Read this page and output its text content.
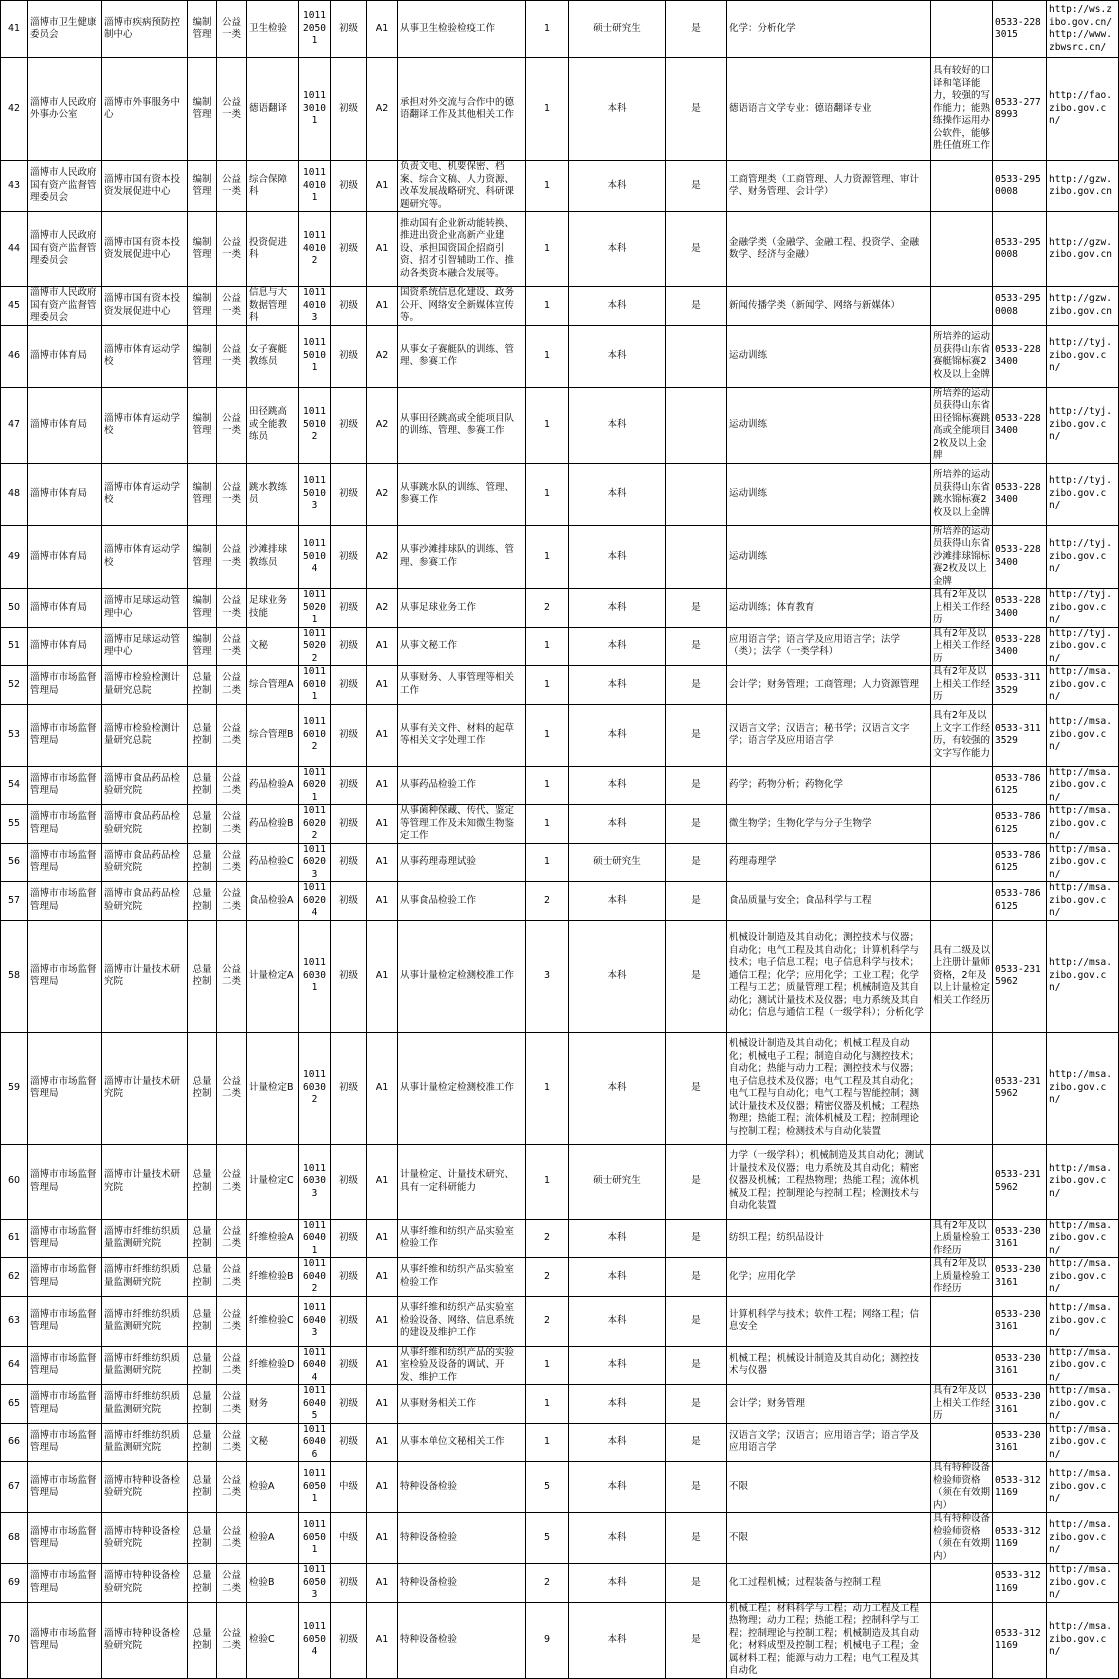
41	淄博市卫生健康委员会	淄博市疾病预防控制中心	编制管理	公益一类	卫生检验	101120501	初级	A1	从事卫生检验检疫工作	1	硕士研究生	是	化学：分析化学		0533-2283015	http://ws.zibo.gov.cn/
http://www.zbwsrc.cn/
42	淄博市人民政府外事办公室	淄博市外事服务中心	编制管理	公益一类	德语翻译	101130101	初级	A2	承担对外交流与合作中的德语翻译工作及其他相关工作	1	本科	是	德语语言文学专业：德语翻译专业	具有较好的口译和笔译能力，较强的写作能力；能熟练操作运用办公软件，能够胜任值班工作	0533-2778993	http://fao.zibo.gov.cn/
43	淄博市人民政府国有资产监督管理委员会	淄博市国有资本投资发展促进中心	编制管理	公益一类	综合保障科	101140101	初级	A1	负责文电、机要保密、档案、综合文稿、人力资源、改革发展战略研究、科研课题研究等。	1	本科	是	工商管理类（工商管理、人力资源管理、审计学、财务管理、会计学）		0533-2950008	http://gzw.zibo.gov.cn
44	淄博市人民政府国有资产监督管理委员会	淄博市国有资本投资发展促进中心	编制管理	公益一类	投资促进科	101140102	初级	A1	推动国有企业新动能转换、推进出资企业高新产业建设、承担国资国企招商引资、招才引智辅助工作、推动各类资本融合发展等。	1	本科	是	金融学类（金融学、金融工程、投资学、金融数学、经济与金融）		0533-2950008	http://gzw.zibo.gov.cn
45	淄博市人民政府国有资产监督管理委员会	淄博市国有资本投资发展促进中心	编制管理	公益一类	信息与大数据管理科	101140103	初级	A1	国资系统信息化建设、政务公开、网络安全新媒体宣传等。	1	本科	是	新闻传播学类（新闻学、网络与新媒体）		0533-2950008	http://gzw.zibo.gov.cn
46	淄博市体育局	淄博市体育运动学校	编制管理	公益一类	女子赛艇教练员	101150101	初级	A2	从事女子赛艇队的训练、管理、参赛工作	1	本科		运动训练	所培养的运动员获得山东省赛艇锦标赛2枚及以上金牌	0533-2283400	http://tyj.zibo.gov.cn/
47	淄博市体育局	淄博市体育运动学校	编制管理	公益一类	田径跳高或全能教练员	101150102	初级	A2	从事田径跳高或全能项目队的训练、管理、参赛工作	1	本科		运动训练	所培养的运动员获得山东省田径锦标赛跳高或全能项目2枚及以上金牌	0533-2283400	http://tyj.zibo.gov.cn/
48	淄博市体育局	淄博市体育运动学校	编制管理	公益一类	跳水教练员	101150103	初级	A2	从事跳水队的训练、管理、参赛工作	1	本科		运动训练	所培养的运动员获得山东省跳水锦标赛2枚及以上金牌	0533-2283400	http://tyj.zibo.gov.cn/
49	淄博市体育局	淄博市体育运动学校	编制管理	公益一类	沙滩排球教练员	101150104	初级	A2	从事沙滩排球队的训练、管理、参赛工作	1	本科		运动训练	所培养的运动员获得山东省沙滩排球锦标赛2枚及以上金牌	0533-2283400	http://tyj.zibo.gov.cn/
50	淄博市体育局	淄博市足球运动管理中心	编制管理	公益一类	足球业务技能	101150201	初级	A2	从事足球业务工作	2	本科	是	运动训练；体育教育	具有2年及以上相关工作经历	0533-2283400	http://tyj.zibo.gov.cn/
51	淄博市体育局	淄博市足球运动管理中心	编制管理	公益一类	文秘	101150202	初级	A1	从事文秘工作	1	本科	是	应用语言学；语言学及应用语言学；法学（类）；法学（一类学科）	具有2年及以上相关工作经历	0533-2283400	http://tyj.zibo.gov.cn/
52	淄博市市场监督管理局	淄博市检验检测计量研究总院	总量控制	公益二类	综合管理A	101160101	初级	A1	从事财务、人事管理等相关工作	1	本科	是	会计学；财务管理；工商管理；人力资源管理	具有2年及以上相关工作经历	0533-3113529	http://msa.zibo.gov.cn/
53	淄博市市场监督管理局	淄博市检验检测计量研究总院	总量控制	公益二类	综合管理B	101160102	初级	A1	从事有关文件、材料的起草等相关文字处理工作	1	本科	是	汉语言文学；汉语言；秘书学；汉语言文字学；语言学及应用语言学	具有2年及以上文字工作经历，有较强的文字写作能力	0533-3113529	http://msa.zibo.gov.cn/
54	淄博市市场监督管理局	淄博市食品药品检验研究院	总量控制	公益二类	药品检验A	101160201	初级	A1	从事药品检验工作	1	本科	是	药学；药物分析；药物化学		0533-7866125	http://msa.zibo.gov.cn/
55	淄博市市场监督管理局	淄博市食品药品检验研究院	总量控制	公益二类	药品检验B	101160202	初级	A1	从事菌种保藏、传代、鉴定等管理工作及未知微生物鉴定工作	1	本科	是	微生物学；生物化学与分子生物学		0533-7866125	http://msa.zibo.gov.cn/
56	淄博市市场监督管理局	淄博市食品药品检验研究院	总量控制	公益二类	药品检验C	101160203	初级	A1	从事药理毒理试验	1	硕士研究生	是	药理毒理学		0533-7866125	http://msa.zibo.gov.cn/
57	淄博市市场监督管理局	淄博市食品药品检验研究院	总量控制	公益二类	食品检验A	101160204	初级	A1	从事食品检验工作	2	本科	是	食品质量与安全；食品科学与工程		0533-7866125	http://msa.zibo.gov.cn/
58	淄博市市场监督管理局	淄博市计量技术研究院	总量控制	公益二类	计量检定A	101160301	初级	A1	从事计量检定检测校准工作	3	本科	是	机械设计制造及其自动化；测控技术与仪器；自动化；电气工程及其自动化；计算机科学与技术；电子信息工程；电子信息科学与技术；通信工程；化学；应用化学；工业工程；化学工程与工艺；质量管理工程；机械制造及其自动化；测试计量技术及仪器；电力系统及其自动化；信息与通信工程（一级学科）；分析化学	具有二级及以上注册计量师资格，2年及以上计量检定相关工作经历	0533-2315962	http://msa.zibo.gov.cn/
59	淄博市市场监督管理局	淄博市计量技术研究院	总量控制	公益二类	计量检定B	101160302	初级	A1	从事计量检定检测校准工作	1	本科	是	机械设计制造及其自动化；机械工程及自动化；机械电子工程；制造自动化与测控技术；自动化；热能与动力工程；测控技术与仪器；电子信息技术及仪器；电气工程及其自动化；电气工程与自动化；电气工程与智能控制；测试计量技术及仪器；精密仪器及机械；工程热物理；热能工程；流体机械及工程；控制理论与控制工程；检测技术与自动化装置		0533-2315962	http://msa.zibo.gov.cn/
60	淄博市市场监督管理局	淄博市计量技术研究院	总量控制	公益二类	计量检定C	101160303	初级	A1	计量检定、计量技术研究、具有一定科研能力	1	硕士研究生	是	力学（一级学科）；机械制造及其自动化；测试计量技术及仪器；电力系统及其自动化；精密仪器及机械；工程热物理；热能工程；流体机械及工程；控制理论与控制工程；检测技术与自动化装置		0533-2315962	http://msa.zibo.gov.cn/
61	淄博市市场监督管理局	淄博市纤维纺织质量监测研究院	总量控制	公益二类	纤维检验A	101160401	初级	A1	从事纤维和纺织产品实验室检验工作	2	本科	是	纺织工程；纺织品设计	具有2年及以上质量检验工作经历	0533-2303161	http://msa.zibo.gov.cn/
62	淄博市市场监督管理局	淄博市纤维纺织质量监测研究院	总量控制	公益二类	纤维检验B	101160402	初级	A1	从事纤维和纺织产品实验室检验工作	2	本科	是	化学；应用化学	具有2年及以上质量检验工作经历	0533-2303161	http://msa.zibo.gov.cn/
63	淄博市市场监督管理局	淄博市纤维纺织质量监测研究院	总量控制	公益二类	纤维检验C	101160403	初级	A1	从事纤维和纺织产品实验室检验设备、网络、信息系统的建设及维护工作	2	本科	是	计算机科学与技术；软件工程；网络工程；信息安全		0533-2303161	http://msa.zibo.gov.cn/
64	淄博市市场监督管理局	淄博市纤维纺织质量监测研究院	总量控制	公益二类	纤维检验D	101160404	初级	A1	从事纤维和纺织产品的实验室检验及设备的调试、开发、维护工作	1	本科	是	机械工程；机械设计制造及其自动化；测控技术与仪器		0533-2303161	http://msa.zibo.gov.cn/
65	淄博市市场监督管理局	淄博市纤维纺织质量监测研究院	总量控制	公益二类	财务	101160405	初级	A1	从事财务相关工作	1	本科	是	会计学；财务管理	具有2年及以上相关工作经历	0533-2303161	http://msa.zibo.gov.cn/
66	淄博市市场监督管理局	淄博市纤维纺织质量监测研究院	总量控制	公益二类	文秘	101160406	初级	A1	从事本单位文秘相关工作	1	本科	是	汉语言文学；汉语言；应用语言学；语言学及应用语言学		0533-2303161	http://msa.zibo.gov.cn/
67	淄博市市场监督管理局	淄博市特种设备检验研究院	总量控制	公益二类	检验A	101160501	中级	A1	特种设备检验	5	本科	是	不限	具有特种设备检验师资格（须在有效期内）	0533-3121169	http://msa.zibo.gov.cn/
68	淄博市市场监督管理局	淄博市特种设备检验研究院	总量控制	公益二类	检验A	101160501	中级	A1	特种设备检验	5	本科	是	不限	具有特种设备检验师资格（须在有效期内）	0533-3121169	http://msa.zibo.gov.cn/
69	淄博市市场监督管理局	淄博市特种设备检验研究院	总量控制	公益二类	检验B	101160503	初级	A1	特种设备检验	2	本科	是	化工过程机械；过程装备与控制工程		0533-3121169	http://msa.zibo.gov.cn/
70	淄博市市场监督管理局	淄博市特种设备检验研究院	总量控制	公益二类	检验C	101160504	初级	A1	特种设备检验	9	本科	是	机械工程；材料科学与工程；动力工程及工程热物理；动力工程；热能工程；控制科学与工程；控制理论与控制工程；机械制造及其自动化；材料成型及控制工程；机械电子工程；金属材料工程；能源与动力工程；电气工程及其自动化		0533-3121169	http://msa.zibo.gov.cn/
